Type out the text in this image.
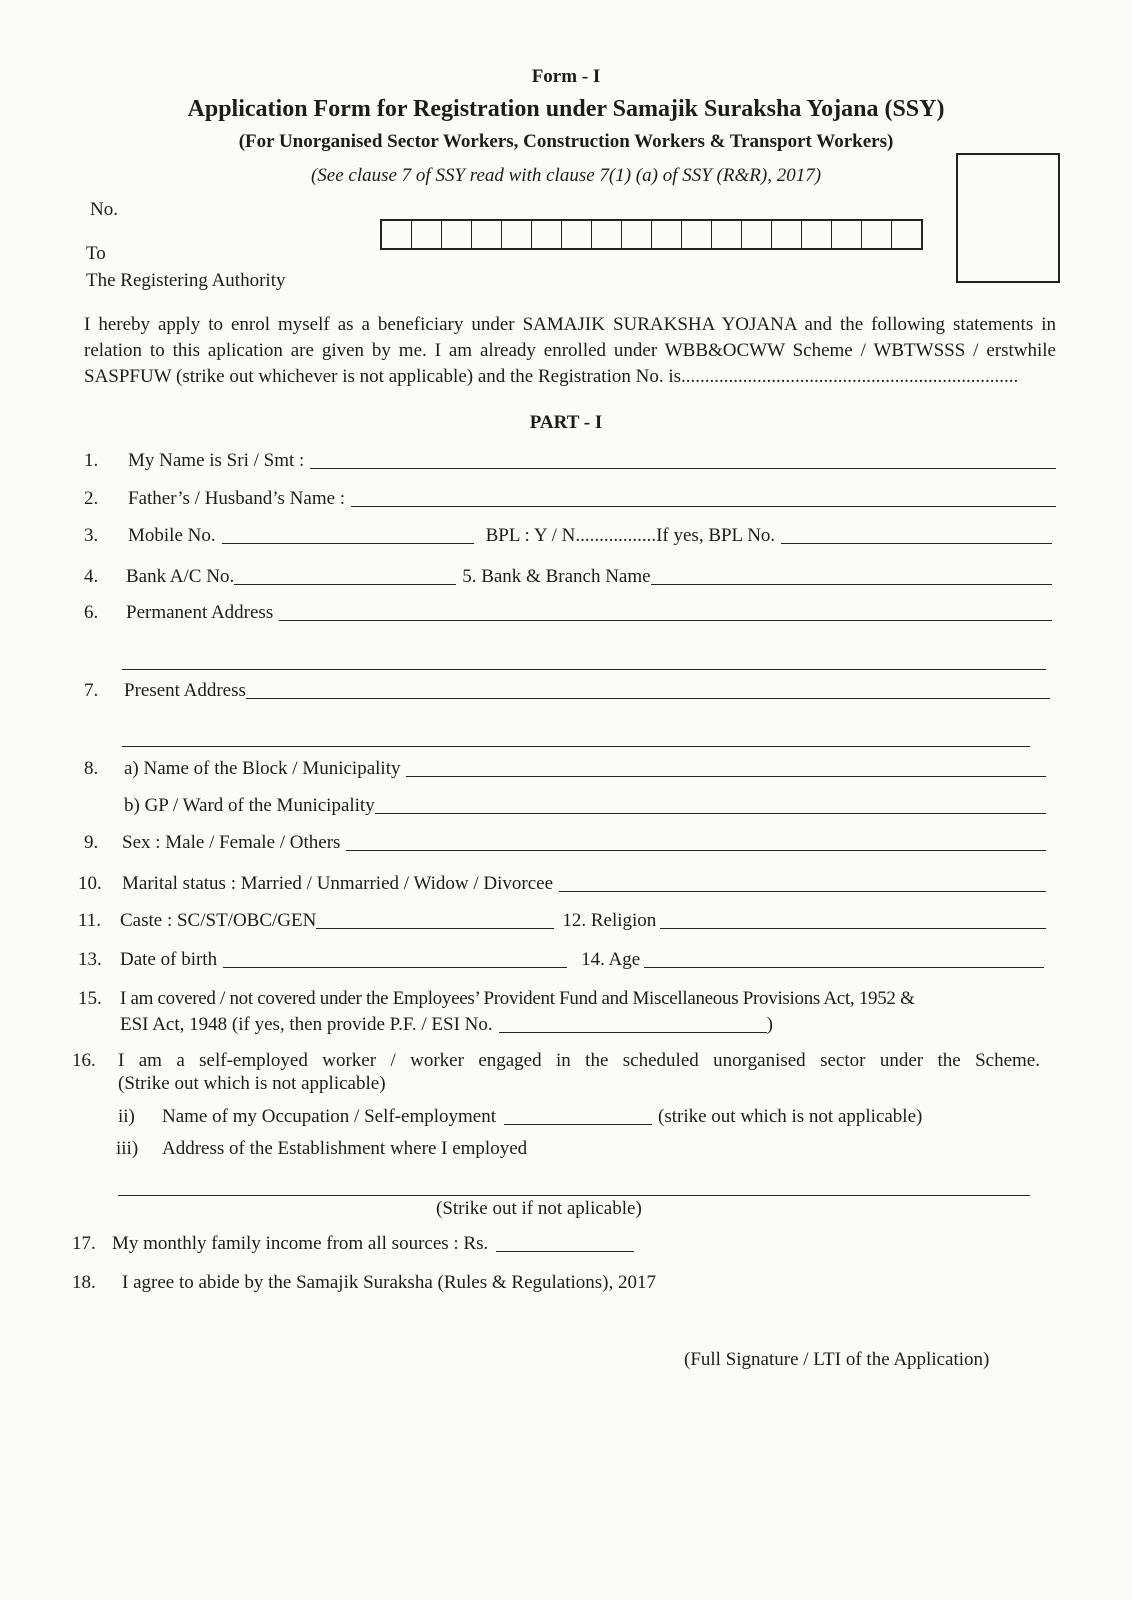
Form - I
Application Form for Registration under Samajik Suraksha Yojana (SSY)
(For Unorganised Sector Workers, Construction Workers & Transport Workers)
(See clause 7 of SSY read with clause 7(1) (a) of SSY (R&R), 2017)
No.
To
The Registering Authority
I hereby apply to enrol myself as a beneficiary under SAMAJIK SURAKSHA YOJANA and the following statements in relation to this aplication are given by me. I am already enrolled under WBB&OCWW Scheme / WBTWSSS / erstwhile SASPFUW (strike out whichever is not applicable) and the Registration No. is.......................................................................
PART - I
1. My Name is Sri / Smt :
2. Father’s / Husband’s Name :
3. Mobile No.	BPL : Y / N.................If yes, BPL No.
4. Bank A/C No.	5. Bank & Branch Name
6. Permanent Address
7. Present Address
8. a) Name of the Block / Municipality
b) GP / Ward of the Municipality
9. Sex : Male / Female / Others
10. Marital status : Married / Unmarried / Widow / Divorcee
11. Caste : SC/ST/OBC/GEN	12. Religion
13. Date of birth	14. Age
15. I am covered / not covered under the Employees’ Provident Fund and Miscellaneous Provisions Act, 1952 &
ESI Act, 1948 (if yes, then provide P.F. / ESI No.	)
16. I am a self-employed worker / worker engaged in the scheduled unorganised sector under the Scheme.
(Strike out which is not applicable)
ii) Name of my Occupation / Self-employment	(strike out which is not applicable)
iii) Address of the Establishment where I employed
(Strike out if not aplicable)
17. My monthly family income from all sources : Rs.
18. I agree to abide by the Samajik Suraksha (Rules & Regulations), 2017
(Full Signature / LTI of the Application)
